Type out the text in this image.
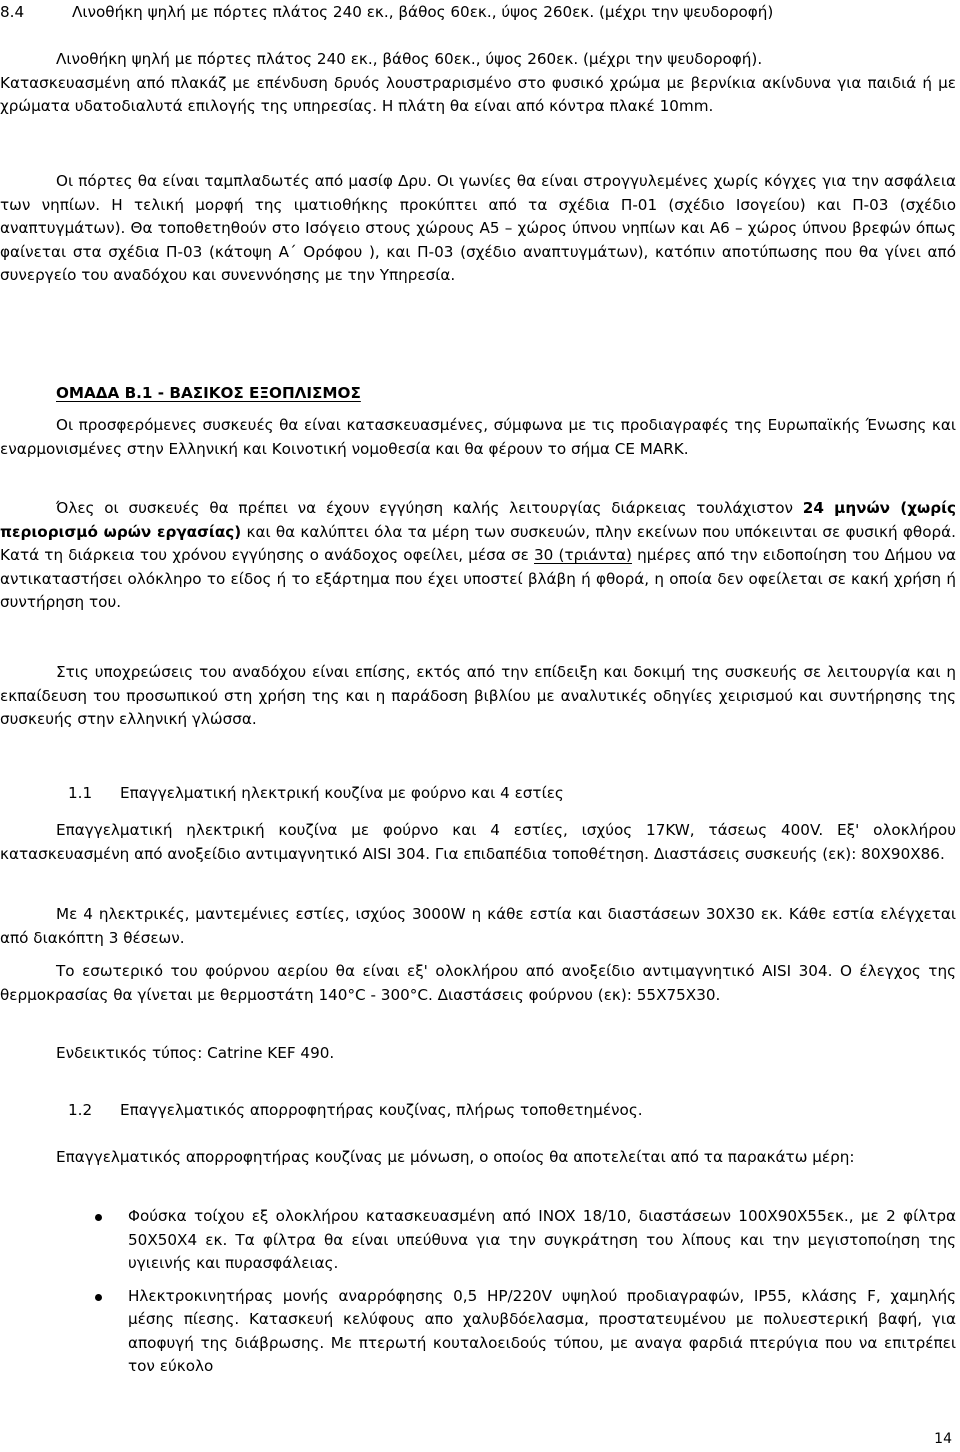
8.4	Λινοθήκη ψηλή με πόρτες πλάτος 240 εκ., βάθος 60εκ., ύψος 260εκ. (μέχρι την ψευδοροφή)

Λινοθήκη ψηλή με πόρτες πλάτος 240 εκ., βάθος 60εκ., ύψος 260εκ. (μέχρι την ψευδοροφή).

Κατασκευασμένη από πλακάζ με επένδυση δρυός λουστραρισμένο στο φυσικό χρώμα με βερνίκια ακίνδυνα για παιδιά ή με χρώματα υδατοδιαλυτά επιλογής της υπηρεσίας. Η πλάτη θα είναι από κόντρα πλακέ 10mm.

Οι πόρτες θα είναι ταμπλαδωτές από μασίφ Δρυ. Οι γωνίες θα είναι στρογγυλεμένες χωρίς κόγχες για την ασφάλεια των νηπίων. Η τελική μορφή της ιματιοθήκης προκύπτει από τα σχέδια Π-01 (σχέδιο Ισογείου) και Π-03 (σχέδιο αναπτυγμάτων). Θα τοποθετηθούν στο Ισόγειο στους χώρους Α5 – χώρος ύπνου νηπίων και Α6 – χώρος ύπνου βρεφών όπως φαίνεται στα σχέδια Π-03 (κάτοψη Α΄ Ορόφου ), και Π-03 (σχέδιο αναπτυγμάτων), κατόπιν αποτύπωσης που θα γίνει από συνεργείο του αναδόχου και συνεννόησης με την Υπηρεσία.

ΟΜΑΔΑ Β.1 - ΒΑΣΙΚΟΣ ΕΞΟΠΛΙΣΜΟΣ

Οι προσφερόμενες συσκευές θα είναι κατασκευασμένες, σύμφωνα με τις προδιαγραφές της Ευρωπαϊκής Ένωσης και εναρμονισμένες στην Ελληνική και Κοινοτική νομοθεσία και θα φέρουν το σήμα CE MARK.

Όλες οι συσκευές θα πρέπει να έχουν εγγύηση καλής λειτουργίας διάρκειας τουλάχιστον 24 μηνών (χωρίς περιορισμό ωρών εργασίας) και θα καλύπτει όλα τα μέρη των συσκευών, πλην εκείνων που υπόκεινται σε φυσική φθορά. Κατά τη διάρκεια του χρόνου εγγύησης ο ανάδοχος οφείλει, μέσα σε 30 (τριάντα) ημέρες από την ειδοποίηση του Δήμου να αντικαταστήσει ολόκληρο το είδος ή το εξάρτημα που έχει υποστεί βλάβη ή φθορά, η οποία δεν οφείλεται σε κακή χρήση ή συντήρηση του.

Στις υποχρεώσεις του αναδόχου είναι επίσης, εκτός από την επίδειξη και δοκιμή της συσκευής σε λειτουργία και η εκπαίδευση του προσωπικού στη χρήση της και η παράδοση βιβλίου με αναλυτικές οδηγίες χειρισμού και συντήρησης της συσκευής στην ελληνική γλώσσα.

1.1 Επαγγελματική ηλεκτρική κουζίνα με φούρνο και 4 εστίες

Επαγγελματική ηλεκτρική κουζίνα με φούρνο και 4 εστίες, ισχύος 17KW, τάσεως 400V. Εξ' ολοκλήρου κατασκευασμένη από ανοξείδιο αντιμαγνητικό AISI 304. Για επιδαπέδια τοποθέτηση. Διαστάσεις συσκευής (εκ): 80Χ90Χ86.

Με 4 ηλεκτρικές, μαντεμένιες εστίες, ισχύος 3000W η κάθε εστία και διαστάσεων 30Χ30 εκ. Κάθε εστία ελέγχεται από διακόπτη 3 θέσεων.

Το εσωτερικό του φούρνου αερίου θα είναι εξ' ολοκλήρου από ανοξείδιο αντιμαγνητικό AISI 304. Ο έλεγχος της θερμοκρασίας θα γίνεται με θερμοστάτη 140°C - 300°C. Διαστάσεις φούρνου (εκ): 55Χ75Χ30.

Ενδεικτικός τύπος: Catrine KEF 490.

1.2 Επαγγελματικός απορροφητήρας κουζίνας, πλήρως τοποθετημένος.

Επαγγελματικός απορροφητήρας κουζίνας με μόνωση, ο οποίος θα αποτελείται από τα παρακάτω μέρη:

Φούσκα τοίχου εξ ολοκλήρου κατασκευασμένη από INOX 18/10, διαστάσεων 100Χ90Χ55εκ., με 2 φίλτρα 50Χ50Χ4 εκ. Τα φίλτρα θα είναι υπεύθυνα για την συγκράτηση του λίπους και την μεγιστοποίηση της υγιεινής και πυρασφάλειας.
Ηλεκτροκινητήρας μονής αναρρόφησης 0,5 HP/220V υψηλού προδιαγραφών, IP55, κλάσης F, χαμηλής μέσης πίεσης. Κατασκευή κελύφους απο χαλυβδόελασμα, προστατευμένου με πολυεστερική βαφή, για αποφυγή της διάβρωσης. Με πτερωτή κουταλοειδούς τύπου, με αναγα φαρδιά πτερύγια που να επιτρέπει τον εύκολο
14
